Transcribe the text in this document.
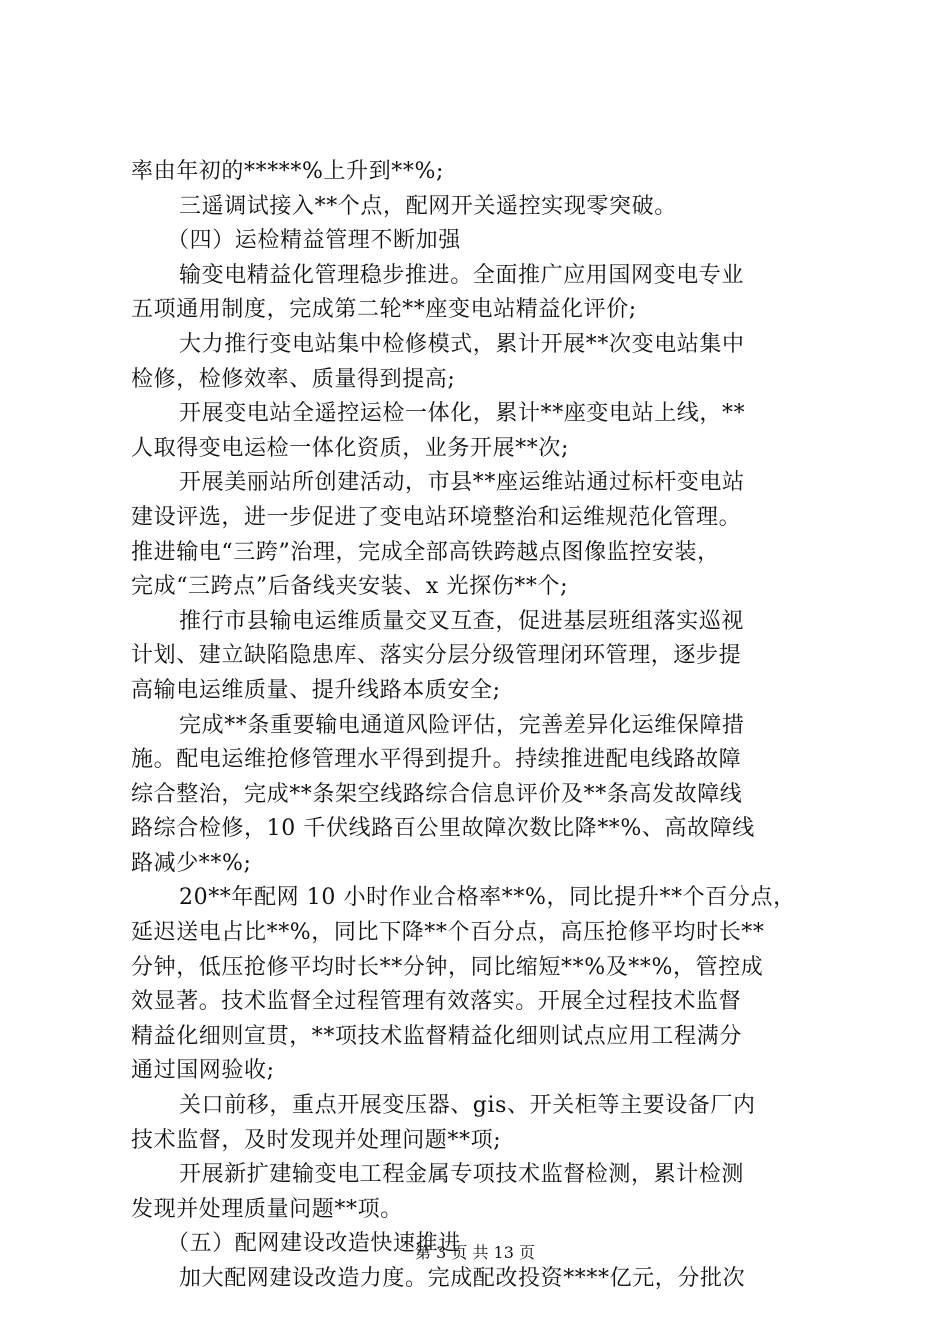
率由年初的*****%上升到**%;
三遥调试接入**个点，配网开关遥控实现零突破。
（四）运检精益管理不断加强
输变电精益化管理稳步推进。全面推广应用国网变电专业
五项通用制度，完成第二轮**座变电站精益化评价;
大力推行变电站集中检修模式，累计开展**次变电站集中
检修，检修效率、质量得到提高;
开展变电站全遥控运检一体化，累计**座变电站上线，**
人取得变电运检一体化资质，业务开展**次;
开展美丽站所创建活动，市县**座运维站通过标杆变电站
建设评选，进一步促进了变电站环境整治和运维规范化管理。
推进输电“三跨”治理，完成全部高铁跨越点图像监控安装，
完成“三跨点”后备线夹安装、x 光探伤**个;
推行市县输电运维质量交叉互查，促进基层班组落实巡视
计划、建立缺陷隐患库、落实分层分级管理闭环管理，逐步提
高输电运维质量、提升线路本质安全;
完成**条重要输电通道风险评估，完善差异化运维保障措
施。配电运维抢修管理水平得到提升。持续推进配电线路故障
综合整治，完成**条架空线路综合信息评价及**条高发故障线
路综合检修，10 千伏线路百公里故障次数比降**%、高故障线
路减少**%;
20**年配网 10 小时作业合格率**%，同比提升**个百分点，
延迟送电占比**%，同比下降**个百分点，高压抢修平均时长**
分钟，低压抢修平均时长**分钟，同比缩短**%及**%，管控成
效显著。技术监督全过程管理有效落实。开展全过程技术监督
精益化细则宣贯，**项技术监督精益化细则试点应用工程满分
通过国网验收;
关口前移，重点开展变压器、gis、开关柜等主要设备厂内
技术监督，及时发现并处理问题**项;
开展新扩建输变电工程金属专项技术监督检测，累计检测
发现并处理质量问题**项。
（五）配网建设改造快速推进
加大配网建设改造力度。完成配改投资****亿元，分批次
第 3 页 共 13 页
